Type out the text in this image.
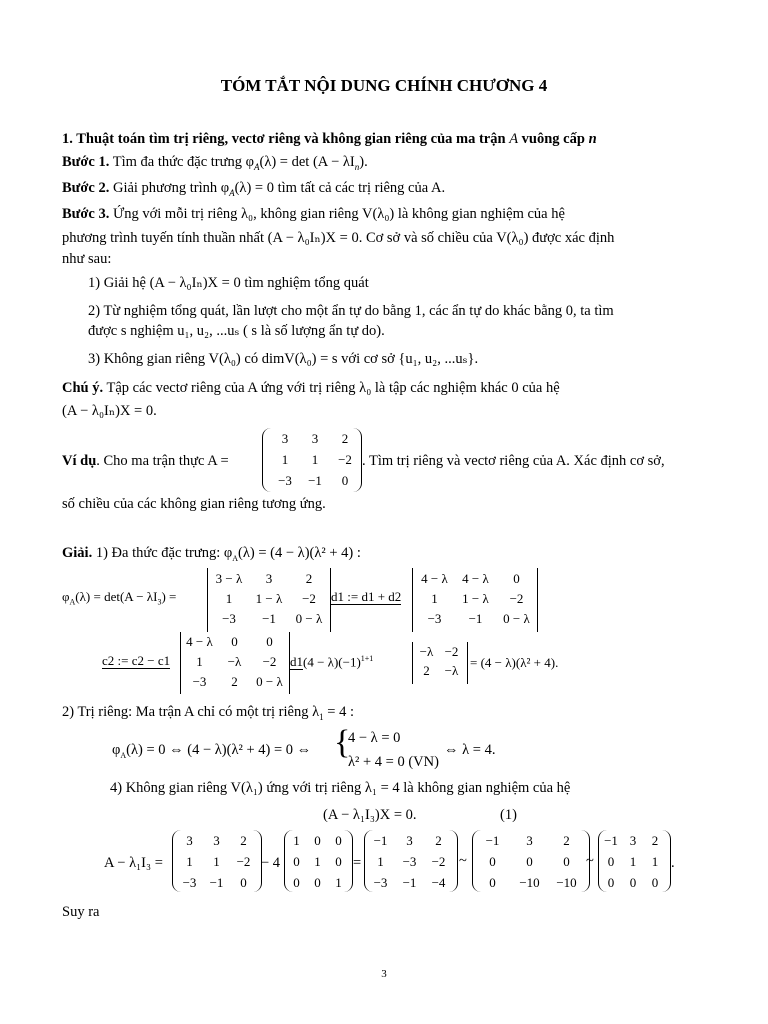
TÓM TẮT NỘI DUNG CHÍNH CHƯƠNG 4
1. Thuật toán tìm trị riêng, vectơ riêng và không gian riêng của ma trận A vuông cấp n
Bước 1. Tìm đa thức đặc trưng $\varphi_A(\lambda) = \det (A - \lambda I_n)$.
Bước 2. Giải phương trình $\varphi_A(\lambda) = 0$ tìm tất cả các trị riêng của A.
Bước 3. Ứng với mỗi trị riêng λ₀, không gian riêng V(λ₀) là không gian nghiệm của hệ
phương trình tuyến tính thuần nhất (A − λ₀Iₙ)X = 0. Cơ sở và số chiều của V(λ₀) được xác định
như sau:
1) Giải hệ (A − λ₀Iₙ)X = 0 tìm nghiệm tổng quát
2) Từ nghiệm tổng quát, lần lượt cho một ẩn tự do bằng 1, các ẩn tự do khác bằng 0, ta tìm
được s nghiệm u₁, u₂, ...uₛ ( s là số lượng ẩn tự do).
3) Không gian riêng V(λ₀) có dimV(λ₀) = s với cơ sở {u₁, u₂, ...uₛ}.
Chú ý. Tập các vectơ riêng của A ứng với trị riêng λ₀ là tập các nghiệm khác 0 của hệ
(A − λ₀Iₙ)X = 0.
Ví dụ. Cho ma trận thực A =	. Tìm trị riêng và vectơ riêng của A. Xác định cơ sở,
số chiều của các không gian riêng tương ứng.
Giải. 1) Đa thức đặc trưng: $\varphi_A(\lambda) = (4 - \lambda)(\lambda^2 + 4)$ :
$\varphi_A(\lambda) = \det(A - \lambda I_3)$ =	d1 := d1 + d2
c2 := c2 − c1	$d1(4 - \lambda)(-1)^{1+1}$	= (4 − λ)(λ² + 4).
2) Trị riêng: Ma trận A chỉ có một trị riêng $\lambda_1 = 4$ :
$\varphi_A(\lambda) = 0$ ⇔ (4 − λ)(λ² + 4) = 0 ⇔ {
4 − λ = 0
λ² + 4 = 0 (VN)
⇔ λ = 4.
4) Không gian riêng V(λ₁) ứng với trị riêng λ₁ = 4 là không gian nghiệm của hệ
(A − λ₁I₃)X = 0.	(1)
A − λ₁I₃ =	− 4	=	~	~	.
Suy ra
3
3	3	2
1	1	−2
−3	−1	0
3 − λ	3	2
1	1 − λ	−2
−3	−1	0 − λ
4 − λ	4 − λ	0
1	1 − λ	−2
−3	−1	0 − λ
4 − λ	0	0
1	−λ	−2
−3	2	0 − λ
−λ −2
2	−λ
3	3	2
1	1	−2
−3	−1	0
1	0	0
0	1	0
0	0	1
−1	3	2
1	−3	−2
−3	−1	−4
−1	3	2
0	0	0
0	−10	−10
−1 3	2
0	1	1
0	0	0
